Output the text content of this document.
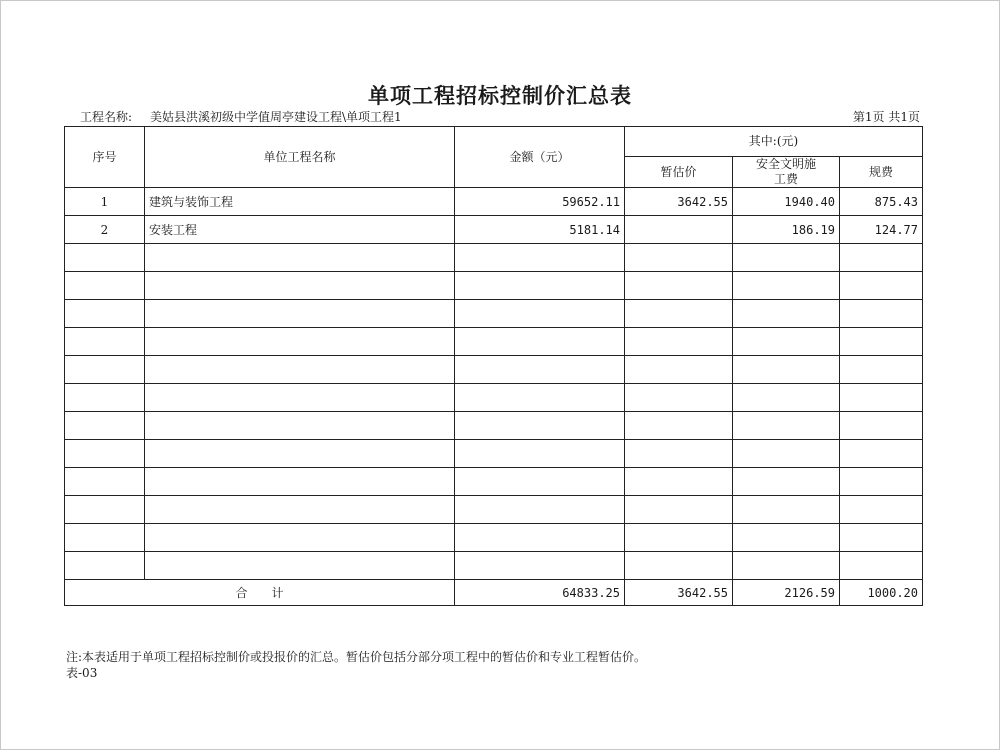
单项工程招标控制价汇总表
工程名称: 美姑县洪溪初级中学值周亭建设工程\单项工程1	第1页 共1页
序号	单位工程名称	金额（元）	其中:(元)		
			暂估价	安全文明施工费	规费
1	建筑与装饰工程	59652.11	3642.55	1940.40	875.43
2	安装工程	5181.14		186.19	124.77

合　　计		64833.25	3642.55	2126.59	1000.20
注:本表适用于单项工程招标控制价或投报价的汇总。暂估价包括分部分项工程中的暂估价和专业工程暂估价。
表-03
